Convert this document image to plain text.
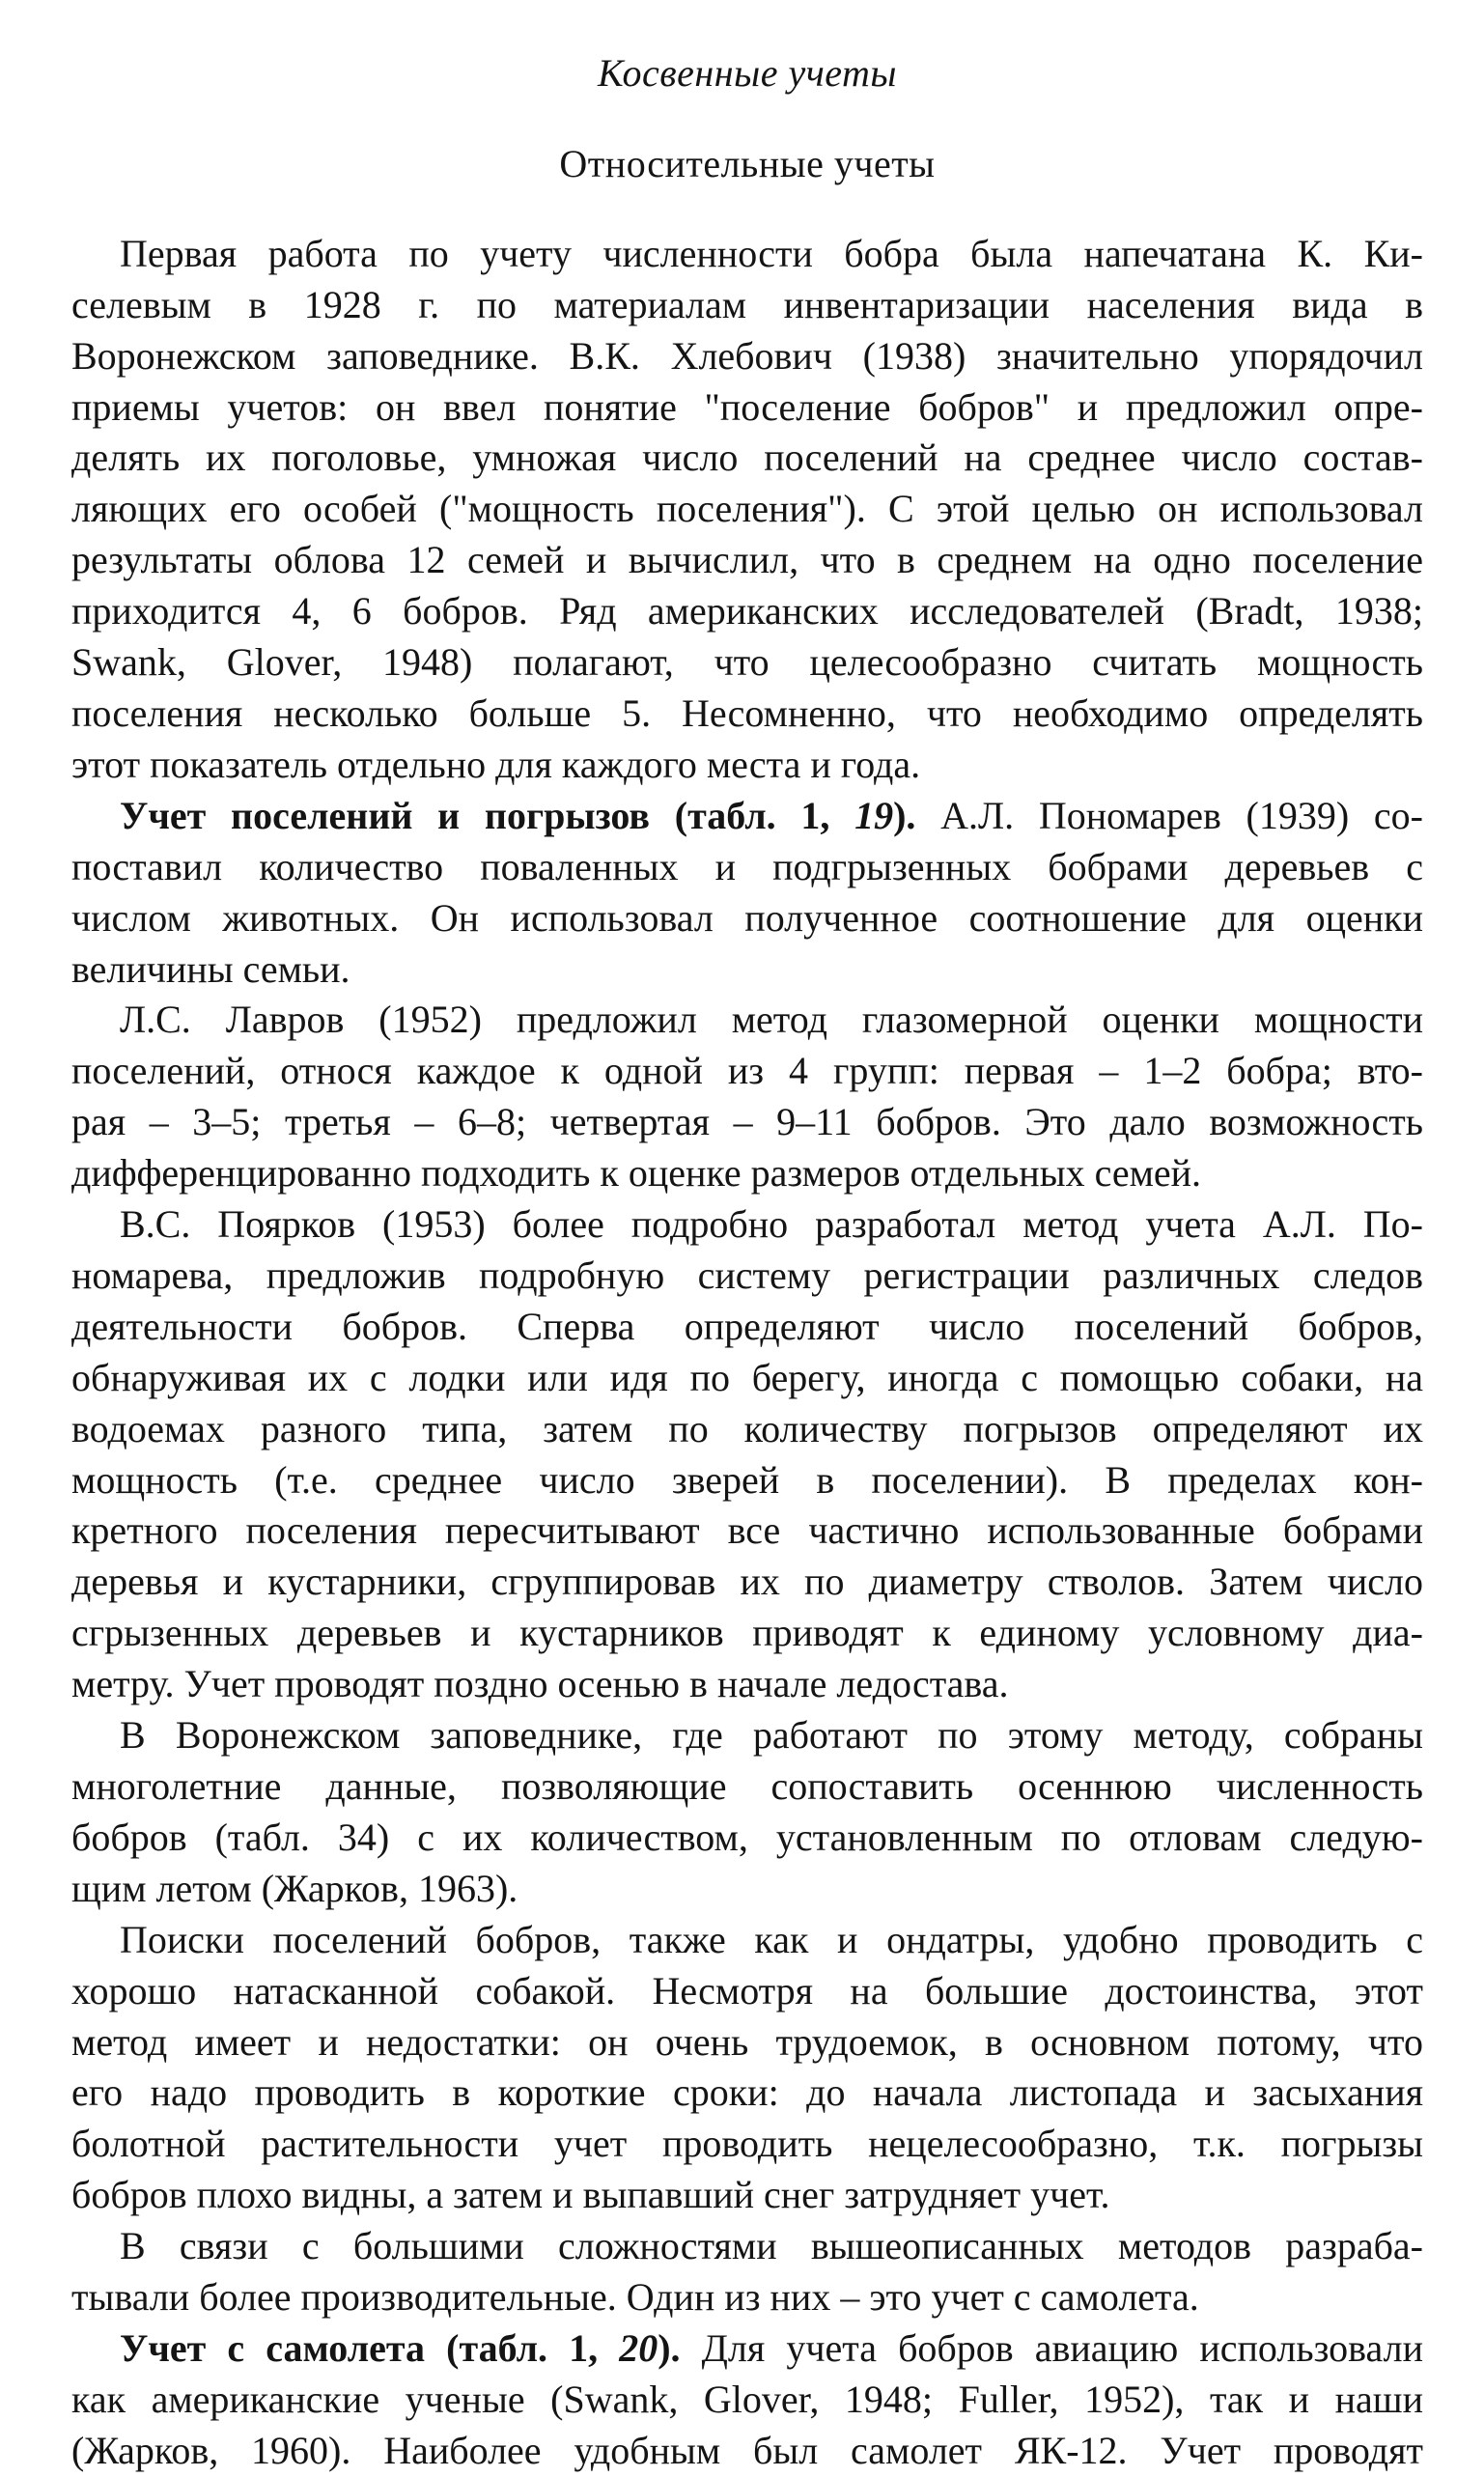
Косвенные учеты
Относительные учеты
Первая работа по учету численности бобра была напечатана К. Ки-
селевым в 1928 г. по материалам инвентаризации населения вида в
Воронежском заповеднике. В.К. Хлебович (1938) значительно упорядочил
приемы учетов: он ввел понятие "поселение бобров" и предложил опре-
делять их поголовье, умножая число поселений на среднее число состав-
ляющих его особей ("мощность поселения"). С этой целью он использовал
результаты облова 12 семей и вычислил, что в среднем на одно поселение
приходится 4, 6 бобров. Ряд американских исследователей (Bradt, 1938;
Swank, Glover, 1948) полагают, что целесообразно считать мощность
поселения несколько больше 5. Несомненно, что необходимо определять
этот показатель отдельно для каждого места и года.
Учет поселений и погрызов (табл. 1, 19). А.Л. Пономарев (1939) со-
поставил количество поваленных и подгрызенных бобрами деревьев с
числом животных. Он использовал полученное соотношение для оценки
величины семьи.
Л.С. Лавров (1952) предложил метод глазомерной оценки мощности
поселений, относя каждое к одной из 4 групп: первая – 1–2 бобра; вто-
рая – 3–5; третья – 6–8; четвертая – 9–11 бобров. Это дало возможность
дифференцированно подходить к оценке размеров отдельных семей.
В.С. Поярков (1953) более подробно разработал метод учета А.Л. По-
номарева, предложив подробную систему регистрации различных следов
деятельности бобров. Сперва определяют число поселений бобров,
обнаруживая их с лодки или идя по берегу, иногда с помощью собаки, на
водоемах разного типа, затем по количеству погрызов определяют их
мощность (т.е. среднее число зверей в поселении). В пределах кон-
кретного поселения пересчитывают все частично использованные бобрами
деревья и кустарники, сгруппировав их по диаметру стволов. Затем число
сгрызенных деревьев и кустарников приводят к единому условному диа-
метру. Учет проводят поздно осенью в начале ледостава.
В Воронежском заповеднике, где работают по этому методу, собраны
многолетние данные, позволяющие сопоставить осеннюю численность
бобров (табл. 34) с их количеством, установленным по отловам следую-
щим летом (Жарков, 1963).
Поиски поселений бобров, также как и ондатры, удобно проводить с
хорошо натасканной собакой. Несмотря на большие достоинства, этот
метод имеет и недостатки: он очень трудоемок, в основном потому, что
его надо проводить в короткие сроки: до начала листопада и засыхания
болотной растительности учет проводить нецелесообразно, т.к. погрызы
бобров плохо видны, а затем и выпавший снег затрудняет учет.
В связи с большими сложностями вышеописанных методов разраба-
тывали более производительные. Один из них – это учет с самолета.
Учет с самолета (табл. 1, 20). Для учета бобров авиацию использовали
как американские ученые (Swank, Glover, 1948; Fuller, 1952), так и наши
(Жарков, 1960). Наиболее удобным был самолет ЯК-12. Учет проводят
